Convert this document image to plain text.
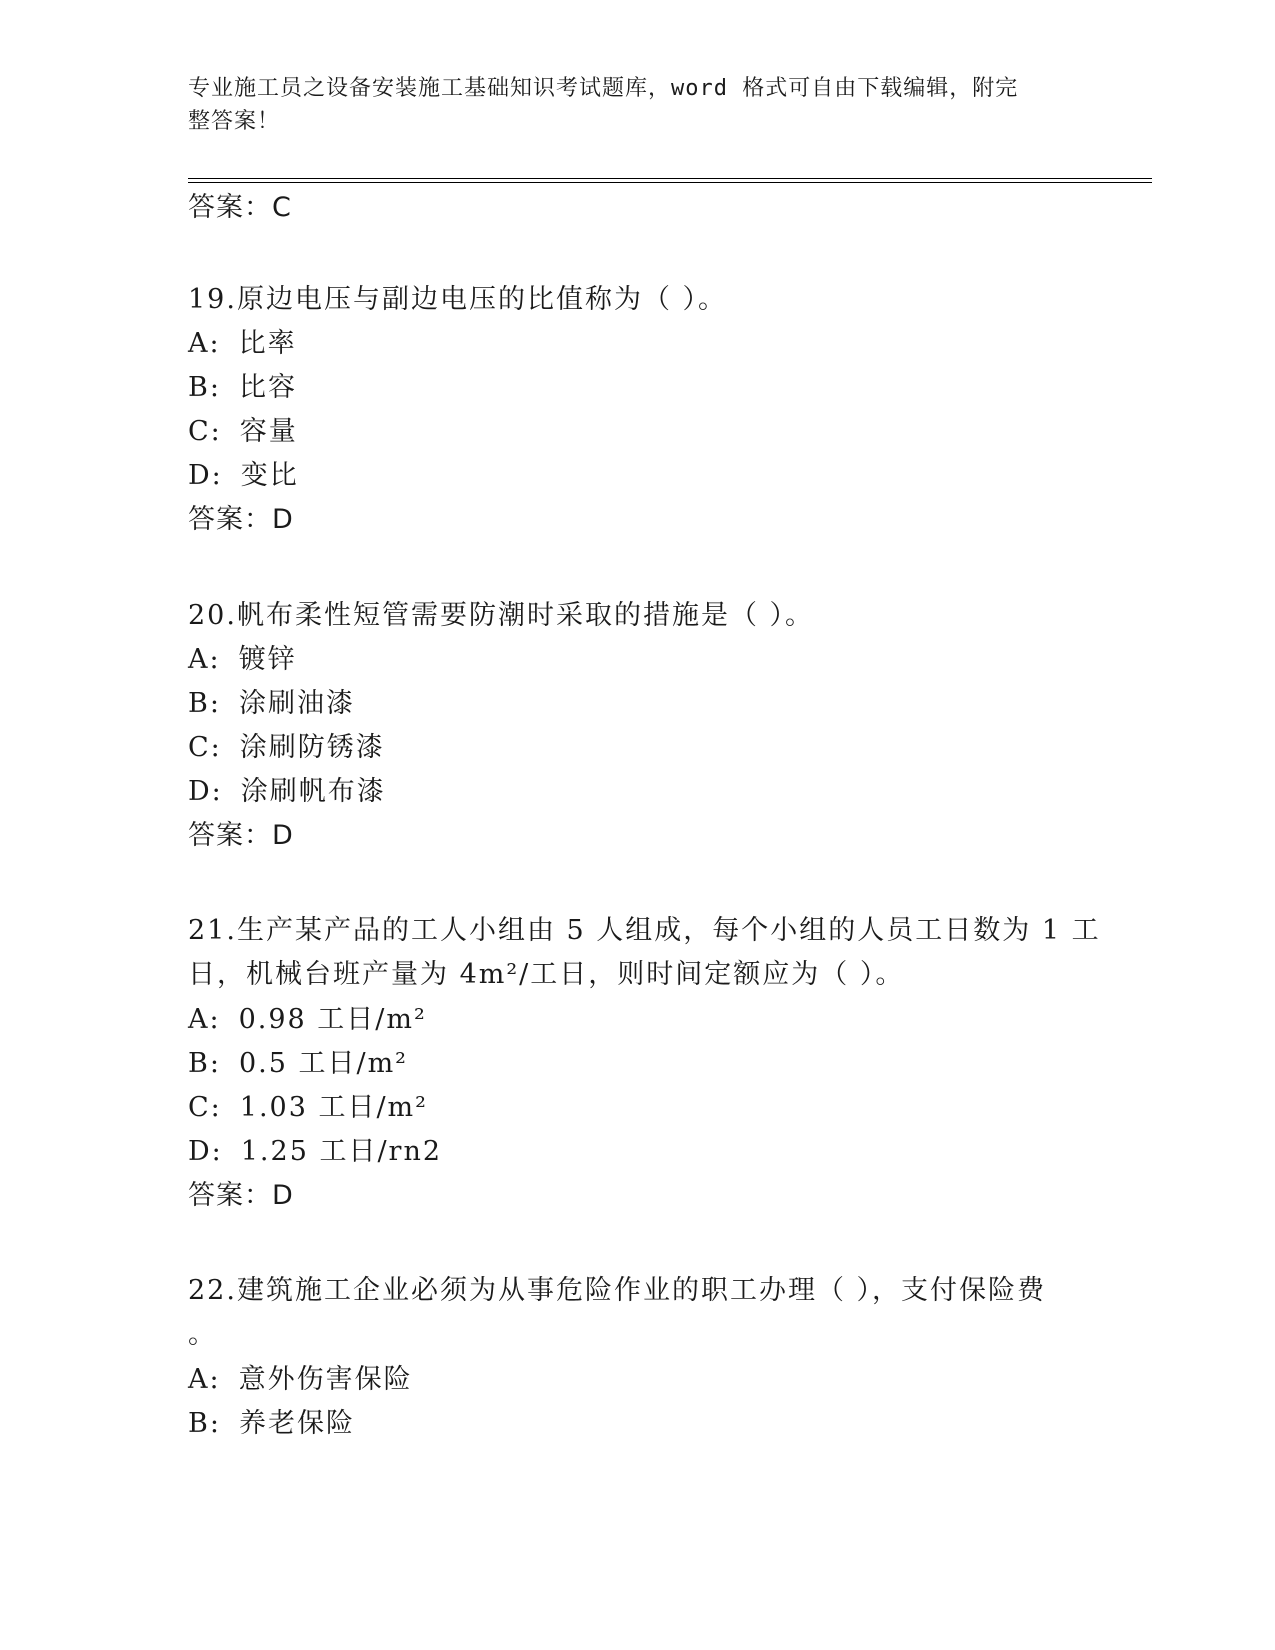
专业施工员之设备安装施工基础知识考试题库，word 格式可自由下载编辑，附完
整答案！
答案：C
19.原边电压与副边电压的比值称为（ ）。
A: 比率
B: 比容
C: 容量
D: 变比
答案：D
20.帆布柔性短管需要防潮时采取的措施是（ ）。
A: 镀锌
B: 涂刷油漆
C: 涂刷防锈漆
D: 涂刷帆布漆
答案：D
21.生产某产品的工人小组由 5 人组成，每个小组的人员工日数为 1 工
日，机械台班产量为 4m²/工日，则时间定额应为（ ）。
A: 0.98 工日/m²
B: 0.5 工日/m²
C: 1.03 工日/m²
D: 1.25 工日/rn2
答案：D
22.建筑施工企业必须为从事危险作业的职工办理（ ），支付保险费
。
A: 意外伤害保险
B: 养老保险
